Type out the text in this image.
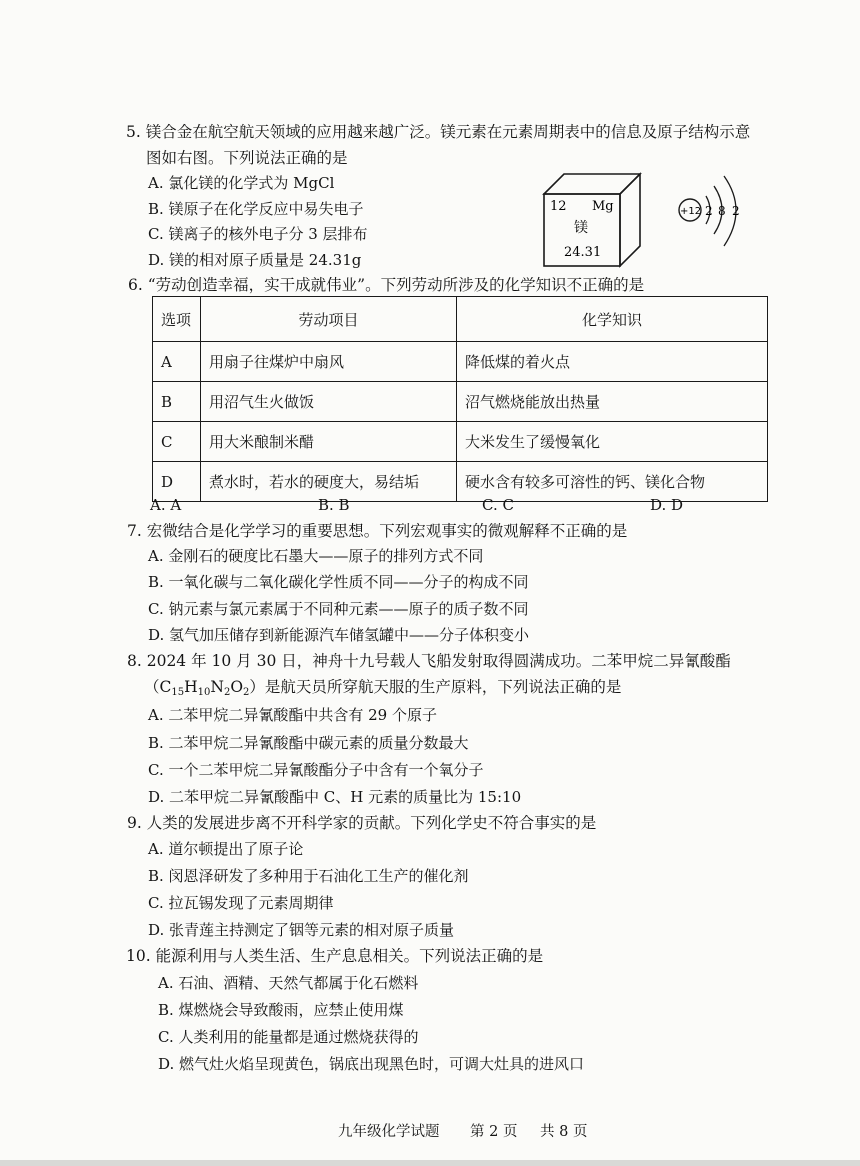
5. 镁合金在航空航天领域的应用越来越广泛。镁元素在元素周期表中的信息及原子结构示意
图如右图。下列说法正确的是
A. 氯化镁的化学式为 MgCl
B. 镁原子在化学反应中易失电子
C. 镁离子的核外电子分 3 层排布
D. 镁的相对原子质量是 24.31g
12 Mg
镁
24.31
+12 2 8 2
6. “劳动创造幸福，实干成就伟业”。下列劳动所涉及的化学知识不正确的是
选项	劳动项目	化学知识
A	用扇子往煤炉中扇风	降低煤的着火点
B	用沼气生火做饭	沼气燃烧能放出热量
C	用大米酿制米醋	大米发生了缓慢氧化
D	煮水时，若水的硬度大，易结垢	硬水含有较多可溶性的钙、镁化合物
A. A	B. B	C. C	D. D
7. 宏微结合是化学学习的重要思想。下列宏观事实的微观解释不正确的是
A. 金刚石的硬度比石墨大——原子的排列方式不同
B. 一氧化碳与二氧化碳化学性质不同——分子的构成不同
C. 钠元素与氯元素属于不同种元素——原子的质子数不同
D. 氢气加压储存到新能源汽车储氢罐中——分子体积变小
8. 2024 年 10 月 30 日，神舟十九号载人飞船发射取得圆满成功。二苯甲烷二异氰酸酯
$(C_{15}H_{10}N_2O_2)$是航天员所穿航天服的生产原料，下列说法正确的是
A. 二苯甲烷二异氰酸酯中共含有 29 个原子
B. 二苯甲烷二异氰酸酯中碳元素的质量分数最大
C. 一个二苯甲烷二异氰酸酯分子中含有一个氧分子
D. 二苯甲烷二异氰酸酯中 C、H 元素的质量比为 15:10
9. 人类的发展进步离不开科学家的贡献。下列化学史不符合事实的是
A. 道尔顿提出了原子论
B. 闵恩泽研发了多种用于石油化工生产的催化剂
C. 拉瓦锡发现了元素周期律
D. 张青莲主持测定了铟等元素的相对原子质量
10. 能源利用与人类生活、生产息息相关。下列说法正确的是
A. 石油、酒精、天然气都属于化石燃料
B. 煤燃烧会导致酸雨，应禁止使用煤
C. 人类利用的能量都是通过燃烧获得的
D. 燃气灶火焰呈现黄色，锅底出现黑色时，可调大灶具的进风口
九年级化学试题 第 2 页 共 8 页
